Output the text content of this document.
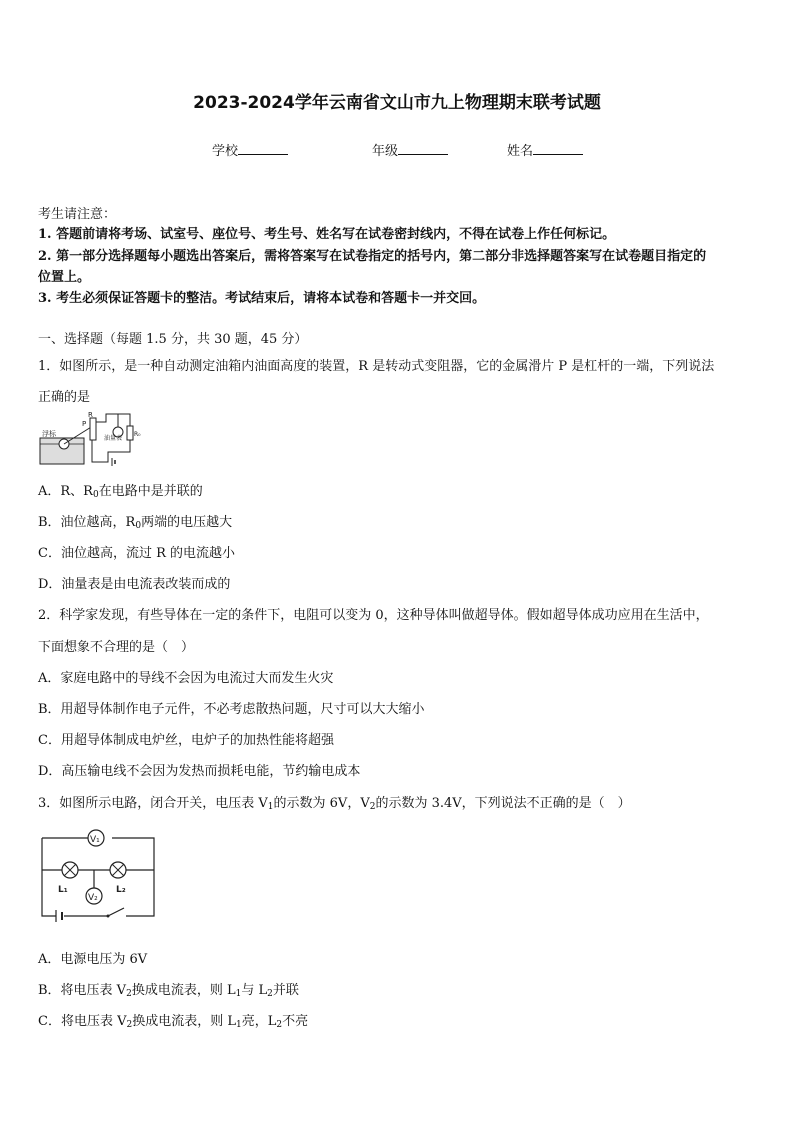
2023-2024学年云南省文山市九上物理期末联考试题
学校	年级	姓名
考生请注意：
1. 答题前请将考场、试室号、座位号、考生号、姓名写在试卷密封线内，不得在试卷上作任何标记。
2. 第一部分选择题每小题选出答案后，需将答案写在试卷指定的括号内，第二部分非选择题答案写在试卷题目指定的
位置上。
3. 考生必须保证答题卡的整洁。考试结束后，请将本试卷和答题卡一并交回。
一、选择题（每题 1.5 分，共 30 题，45 分）
1．如图所示，是一种自动测定油箱内油面高度的装置，R 是转动式变阻器，它的金属滑片 P 是杠杆的一端，下列说法
正确的是
浮标
R
P
油量表
R₀
A．R、$R_0$在电路中是并联的
B．油位越高，$R_0$两端的电压越大
C．油位越高，流过 R 的电流越小
D．油量表是由电流表改装而成的
2．科学家发现，有些导体在一定的条件下，电阻可以变为 0，这种导体叫做超导体。假如超导体成功应用在生活中，
下面想象不合理的是（　）
A．家庭电路中的导线不会因为电流过大而发生火灾
B．用超导体制作电子元件，不必考虑散热问题，尺寸可以大大缩小
C．用超导体制成电炉丝，电炉子的加热性能将超强
D．高压输电线不会因为发热而损耗电能，节约输电成本
3．如图所示电路，闭合开关，电压表 $V_1$的示数为 6V，$V_2$的示数为 3.4V，下列说法不正确的是（　）
V₁
L₁	L₂
V₂
A．电源电压为 6V
B．将电压表 $V_2$换成电流表，则 $L_1$与 $L_2$并联
C．将电压表 $V_2$换成电流表，则 $L_1$亮，$L_2$不亮
